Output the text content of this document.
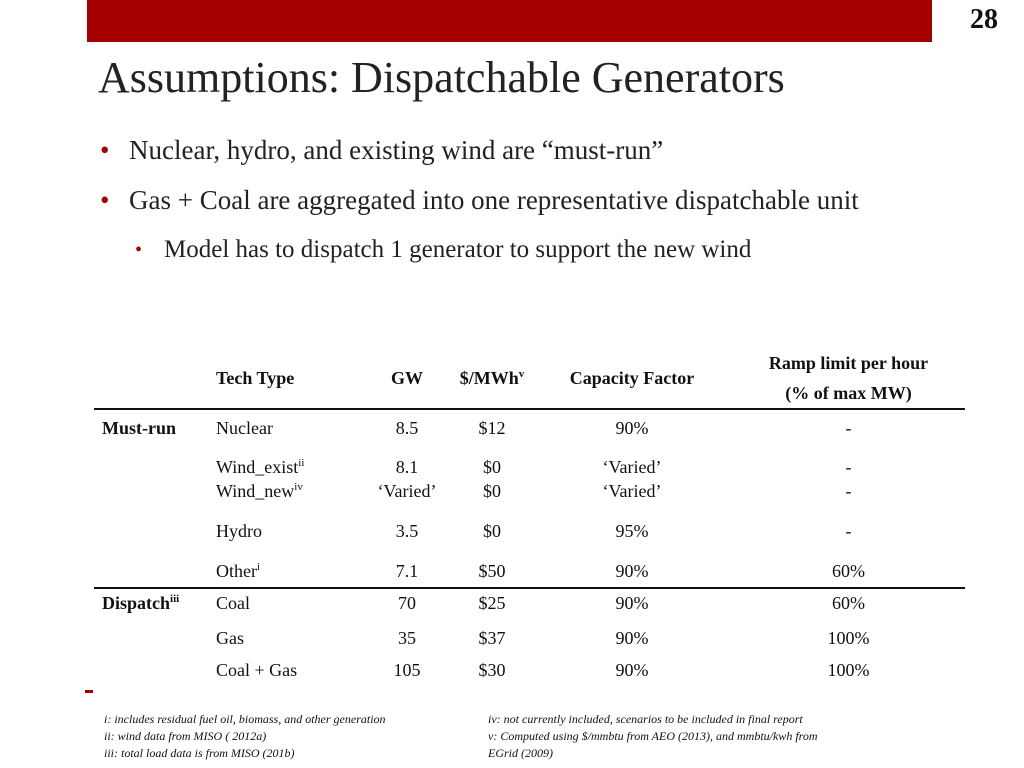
28
Assumptions: Dispatchable Generators
• Nuclear, hydro, and existing wind are “must-run”
• Gas + Coal are aggregated into one representative dispatchable unit
• Model has to dispatch 1 generator to support the new wind
	Tech Type	GW	$/MWh$^v$	Capacity Factor	Ramp limit per hour
(% of max MW)

Must-run	Nuclear	8.5	$12	90%	-
	Wind_exist$^{ii}$	8.1	$0	‘Varied’	-
	Wind_new$^{iv}$	‘Varied’	$0	‘Varied’	-
	Hydro	3.5	$0	95%	-
	Other$^i$	7.1	$50	90%	60%
Dispatch$^{iii}$	Coal	70	$25	90%	60%
	Gas	35	$37	90%	100%
	Coal + Gas	105	$30	90%	100%
i: includes residual fuel oil, biomass, and other generation
ii: wind data from MISO ( 2012a)
iii: total load data is from MISO (201b)
iv: not currently included, scenarios to be included in final report
v: Computed using $/mmbtu from AEO (2013), and mmbtu/kwh from
EGrid (2009)
